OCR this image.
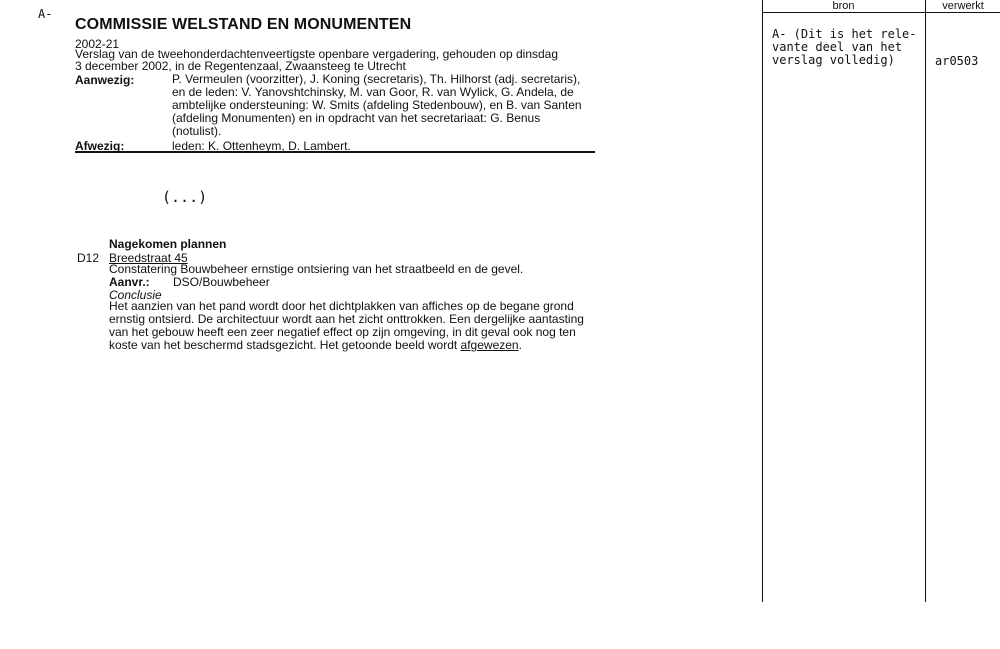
A-
COMMISSIE WELSTAND EN MONUMENTEN
2002-21
Verslag van de tweehonderdachtenveertigste openbare vergadering, gehouden op dinsdag
3 december 2002, in de Regentenzaal, Zwaansteeg te Utrecht
Aanwezig:	P. Vermeulen (voorzitter), J. Koning (secretaris), Th. Hilhorst (adj. secretaris),
en de leden: V. Yanovshtchinsky, M. van Goor, R. van Wylick, G. Andela, de
ambtelijke ondersteuning: W. Smits (afdeling Stedenbouw), en B. van Santen
(afdeling Monumenten) en in opdracht van het secretariaat: G. Benus
(notulist).
Afwezig:	leden: K. Ottenheym, D. Lambert.
(...)
Nagekomen plannen
D12 Breedstraat 45
Constatering Bouwbeheer ernstige ontsiering van het straatbeeld en de gevel.
Aanvr.: DSO/Bouwbeheer
Conclusie
Het aanzien van het pand wordt door het dichtplakken van affiches op de begane grond
ernstig ontsierd. De architectuur wordt aan het zicht onttrokken. Een dergelijke aantasting
van het gebouw heeft een zeer negatief effect op zijn omgeving, in dit geval ook nog ten
koste van het beschermd stadsgezicht. Het getoonde beeld wordt afgewezen.
bron	verwerkt
A- (Dit is het rele-
vante deel van het
verslag volledig)	ar0503
